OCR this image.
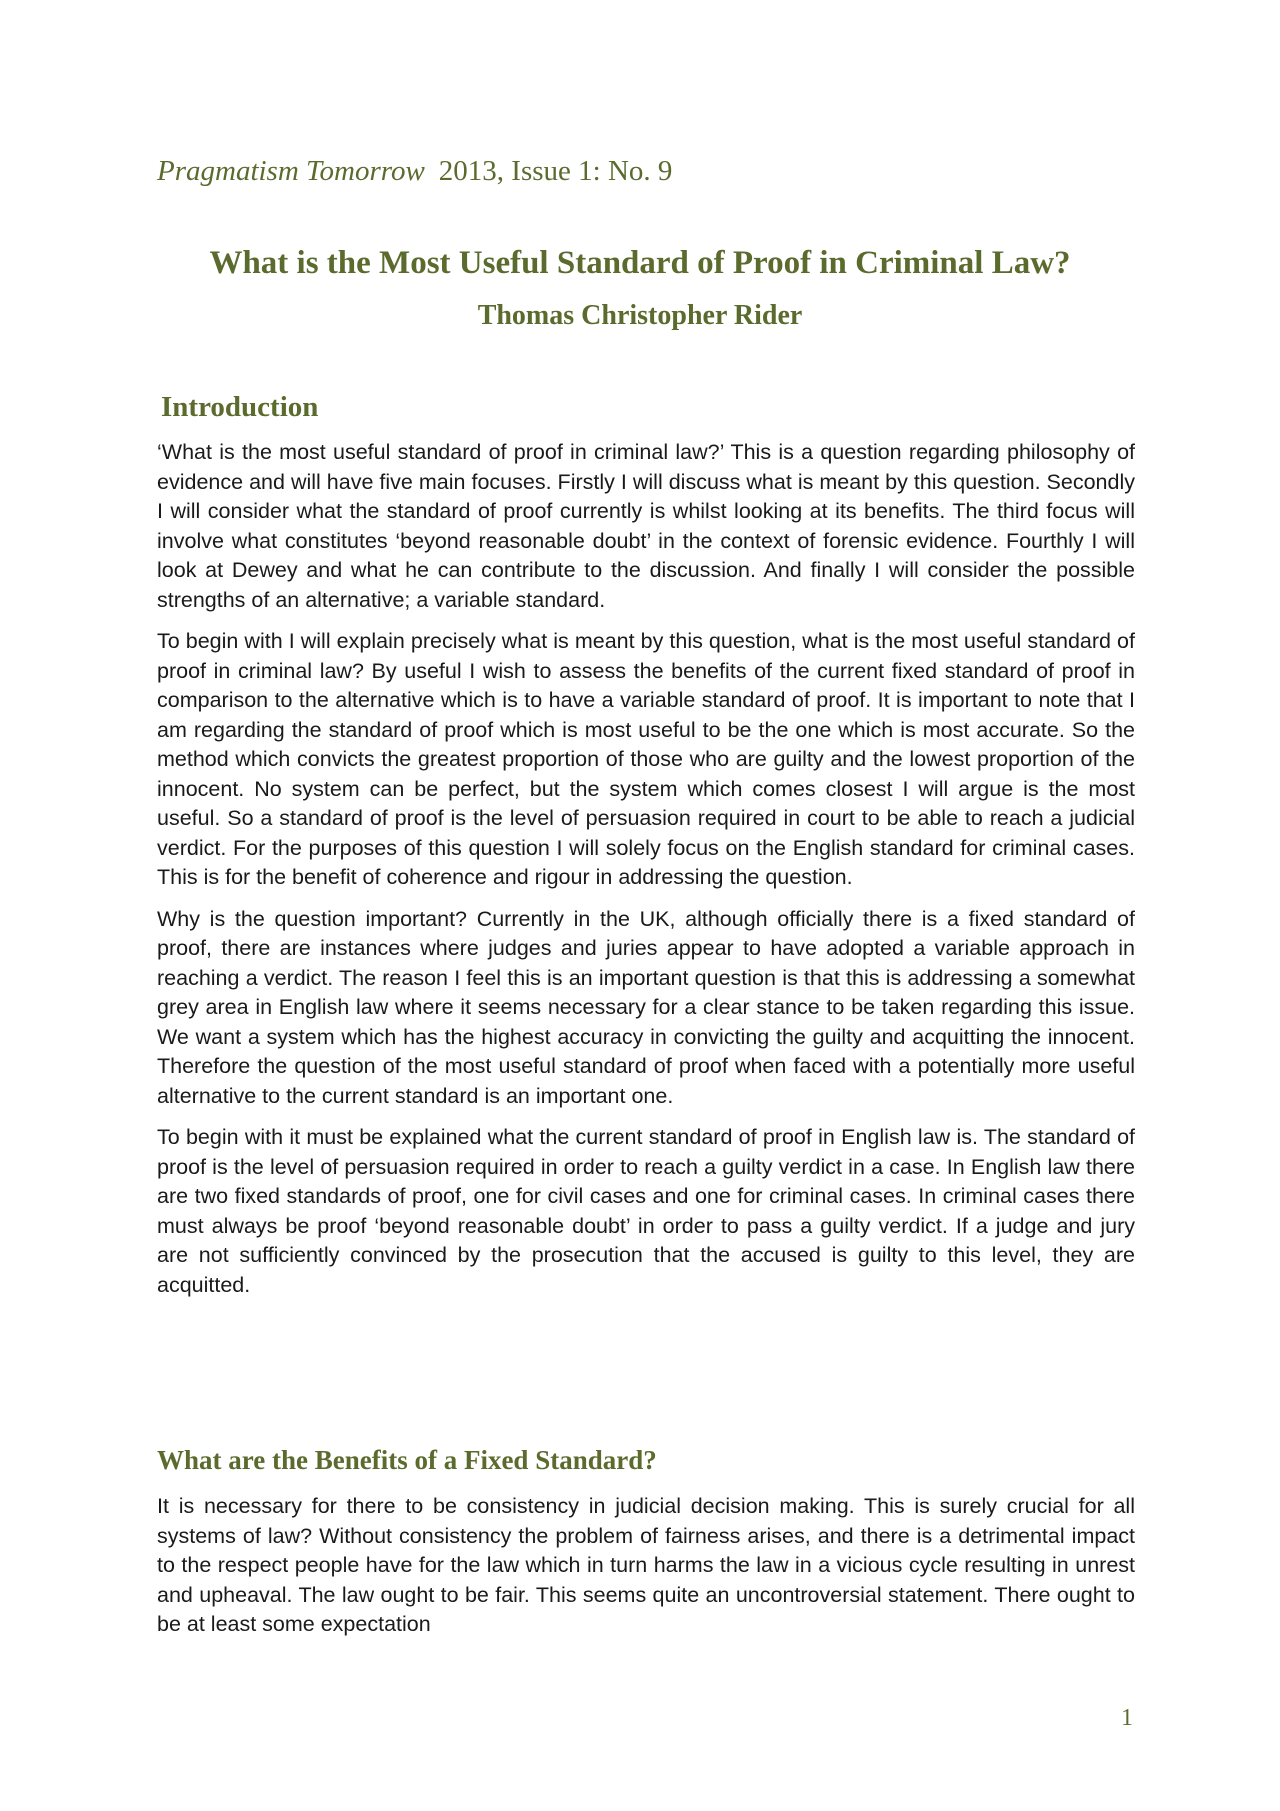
Pragmatism Tomorrow 2013, Issue 1: No. 9
What is the Most Useful Standard of Proof in Criminal Law?
Thomas Christopher Rider
Introduction

‘What is the most useful standard of proof in criminal law?’ This is a question regarding philosophy of evidence and will have five main focuses. Firstly I will discuss what is meant by this question. Secondly I will consider what the standard of proof currently is whilst looking at its benefits. The third focus will involve what constitutes ‘beyond reasonable doubt’ in the context of forensic evidence. Fourthly I will look at Dewey and what he can contribute to the discussion. And finally I will consider the possible strengths of an alternative; a variable standard.

To begin with I will explain precisely what is meant by this question, what is the most useful standard of proof in criminal law? By useful I wish to assess the benefits of the current fixed standard of proof in comparison to the alternative which is to have a variable standard of proof. It is important to note that I am regarding the standard of proof which is most useful to be the one which is most accurate. So the method which convicts the greatest proportion of those who are guilty and the lowest proportion of the innocent. No system can be perfect, but the system which comes closest I will argue is the most useful. So a standard of proof is the level of persuasion required in court to be able to reach a judicial verdict. For the purposes of this question I will solely focus on the English standard for criminal cases. This is for the benefit of coherence and rigour in addressing the question.

Why is the question important? Currently in the UK, although officially there is a fixed standard of proof, there are instances where judges and juries appear to have adopted a variable approach in reaching a verdict. The reason I feel this is an important question is that this is addressing a somewhat grey area in English law where it seems necessary for a clear stance to be taken regarding this issue. We want a system which has the highest accuracy in convicting the guilty and acquitting the innocent. Therefore the question of the most useful standard of proof when faced with a potentially more useful alternative to the current standard is an important one.

To begin with it must be explained what the current standard of proof in English law is. The standard of proof is the level of persuasion required in order to reach a guilty verdict in a case. In English law there are two fixed standards of proof, one for civil cases and one for criminal cases. In criminal cases there must always be proof ‘beyond reasonable doubt’ in order to pass a guilty verdict. If a judge and jury are not sufficiently convinced by the prosecution that the accused is guilty to this level, they are acquitted.

What are the Benefits of a Fixed Standard?

It is necessary for there to be consistency in judicial decision making. This is surely crucial for all systems of law? Without consistency the problem of fairness arises, and there is a detrimental impact to the respect people have for the law which in turn harms the law in a vicious cycle resulting in unrest and upheaval. The law ought to be fair. This seems quite an uncontroversial statement. There ought to be at least some expectation

1
